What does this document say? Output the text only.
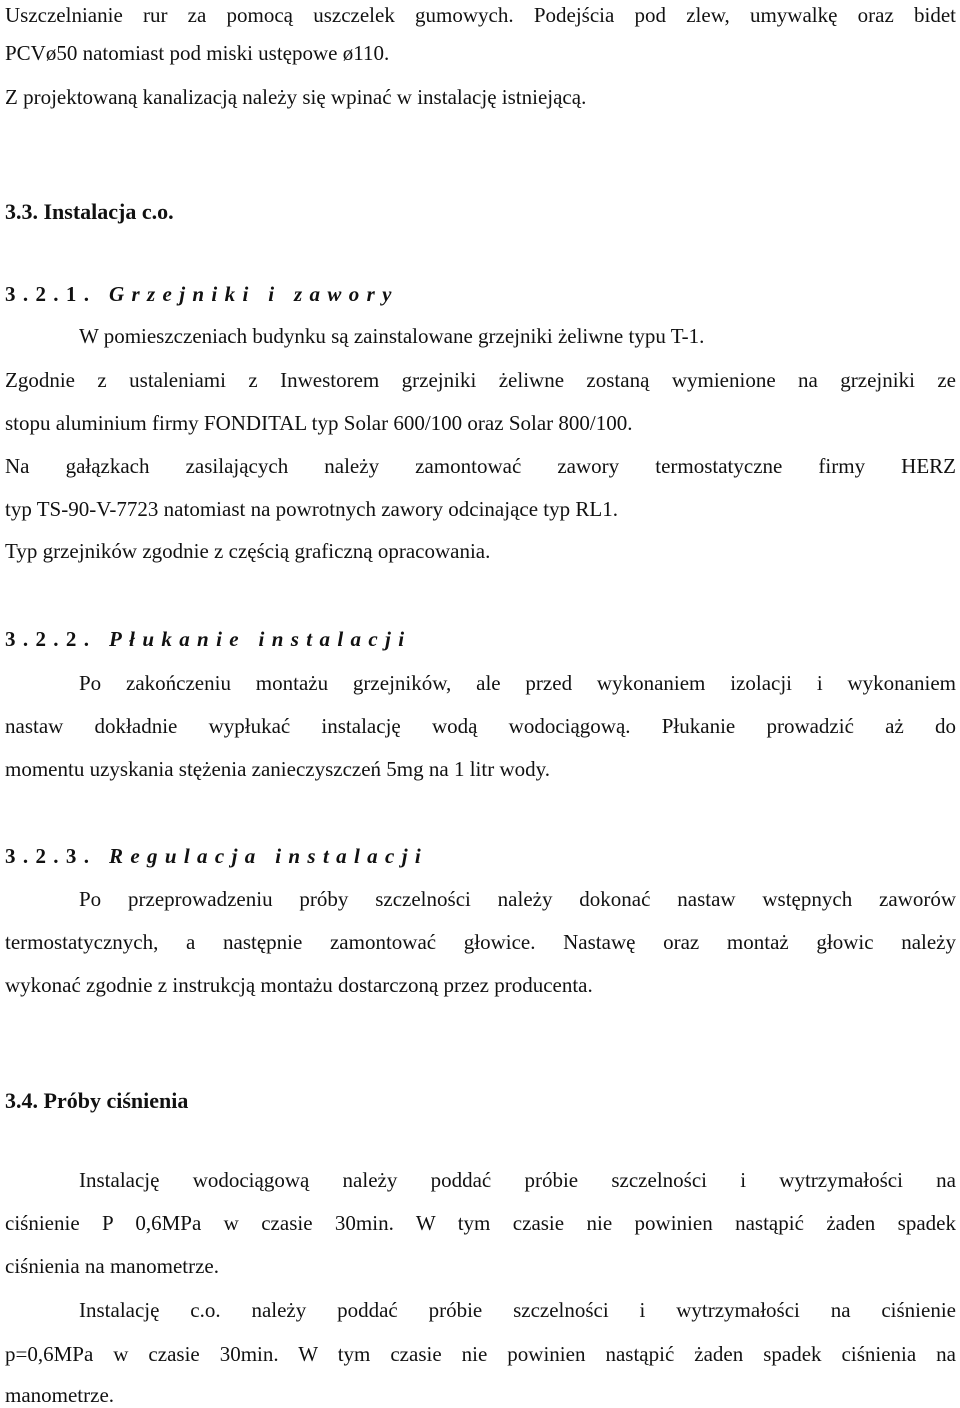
Uszczelnianie rur za pomocą uszczelek gumowych. Podejścia pod zlew, umywalkę oraz bidet

PCVø50 natomiast pod miski ustępowe ø110.

Z projektowaną kanalizacją należy się wpinać w instalację istniejącą.

3.3. Instalacja c.o.

3.2.1. Grzejniki i zawory

W pomieszczeniach budynku są zainstalowane grzejniki żeliwne typu T-1.

Zgodnie z ustaleniami z Inwestorem grzejniki żeliwne zostaną wymienione na grzejniki ze

stopu aluminium firmy FONDITAL typ Solar 600/100 oraz Solar 800/100.

Na gałązkach zasilających należy zamontować zawory termostatyczne firmy HERZ

typ TS-90-V-7723 natomiast na powrotnych zawory odcinające typ RL1.

Typ grzejników zgodnie z częścią graficzną opracowania.

3.2.2. Płukanie instalacji

Po zakończeniu montażu grzejników, ale przed wykonaniem izolacji i wykonaniem

nastaw dokładnie wypłukać instalację wodą wodociągową. Płukanie prowadzić aż do

momentu uzyskania stężenia zanieczyszczeń 5mg na 1 litr wody.

3.2.3. Regulacja instalacji

Po przeprowadzeniu próby szczelności należy dokonać nastaw wstępnych zaworów

termostatycznych, a następnie zamontować głowice. Nastawę oraz montaż głowic należy

wykonać zgodnie z instrukcją montażu dostarczoną przez producenta.

3.4. Próby ciśnienia

Instalację wodociągową należy poddać próbie szczelności i wytrzymałości na

ciśnienie P 0,6MPa w czasie 30min. W tym czasie nie powinien nastąpić żaden spadek

ciśnienia na manometrze.

Instalację c.o. należy poddać próbie szczelności i wytrzymałości na ciśnienie

p=0,6MPa w czasie 30min. W tym czasie nie powinien nastąpić żaden spadek ciśnienia na

manometrze.
